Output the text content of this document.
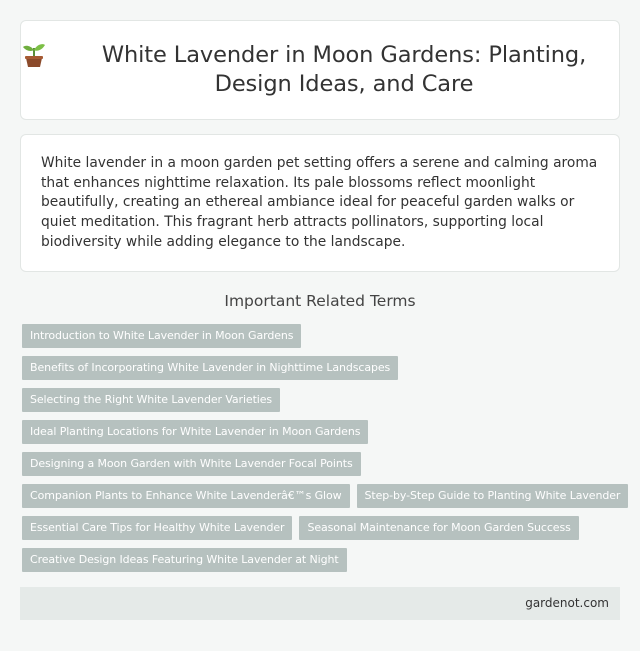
White Lavender in Moon Gardens: Planting, Design Ideas, and Care

White lavender in a moon garden pet setting offers a serene and calming aroma that enhances nighttime relaxation. Its pale blossoms reflect moonlight beautifully, creating an ethereal ambiance ideal for peaceful garden walks or quiet meditation. This fragrant herb attracts pollinators, supporting local biodiversity while adding elegance to the landscape.

Important Related Terms
Introduction to White Lavender in Moon Gardens
Benefits of Incorporating White Lavender in Nighttime Landscapes
Selecting the Right White Lavender Varieties
Ideal Planting Locations for White Lavender in Moon Gardens
Designing a Moon Garden with White Lavender Focal Points
Companion Plants to Enhance White Lavenderâ€™s Glow	Step-by-Step Guide to Planting White Lavender
Essential Care Tips for Healthy White Lavender	Seasonal Maintenance for Moon Garden Success
Creative Design Ideas Featuring White Lavender at Night
gardenot.com
